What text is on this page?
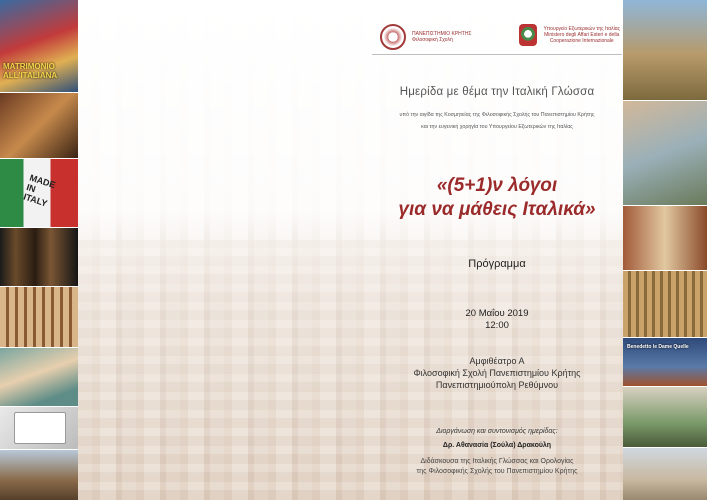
MATRIMONIO ALL'ITALIANA
MADE IN ITALY
ΠΑΝΕΠΙΣΤΗΜΙΟ ΚΡΗΤΗΣ
Φιλοσοφική Σχολή
Υπουργείο Εξωτερικών της Ιταλίας
Ministero degli Affari Esteri e della
Cooperazione Internazionale
Ημερίδα με θέμα την Ιταλική Γλώσσα
υπό την αιγίδα της Κοσμητείας της Φιλοσοφικής Σχολής του Πανεπιστημίου Κρήτης
και την ευγενική χορηγία του Υπουργείου Εξωτερικών της Ιταλίας
«(5+1)ν λόγοι
για να μάθεις Ιταλικά»
Πρόγραμμα
20 Μαΐου 2019
12:00
Αμφιθέατρο Α
Φιλοσοφική Σχολή Πανεπιστημίου Κρήτης
Πανεπιστημιούπολη Ρεθύμνου
Διοργάνωση και συντονισμός ημερίδας:
Δρ. Αθανασία (Σούλα) Δρακούλη
Διδάσκουσα της Ιταλικής Γλώσσας και Ορολογίας
της Φιλοσοφικής Σχολής του Πανεπιστημίου Κρήτης
Benedetto le Dame Quelle
